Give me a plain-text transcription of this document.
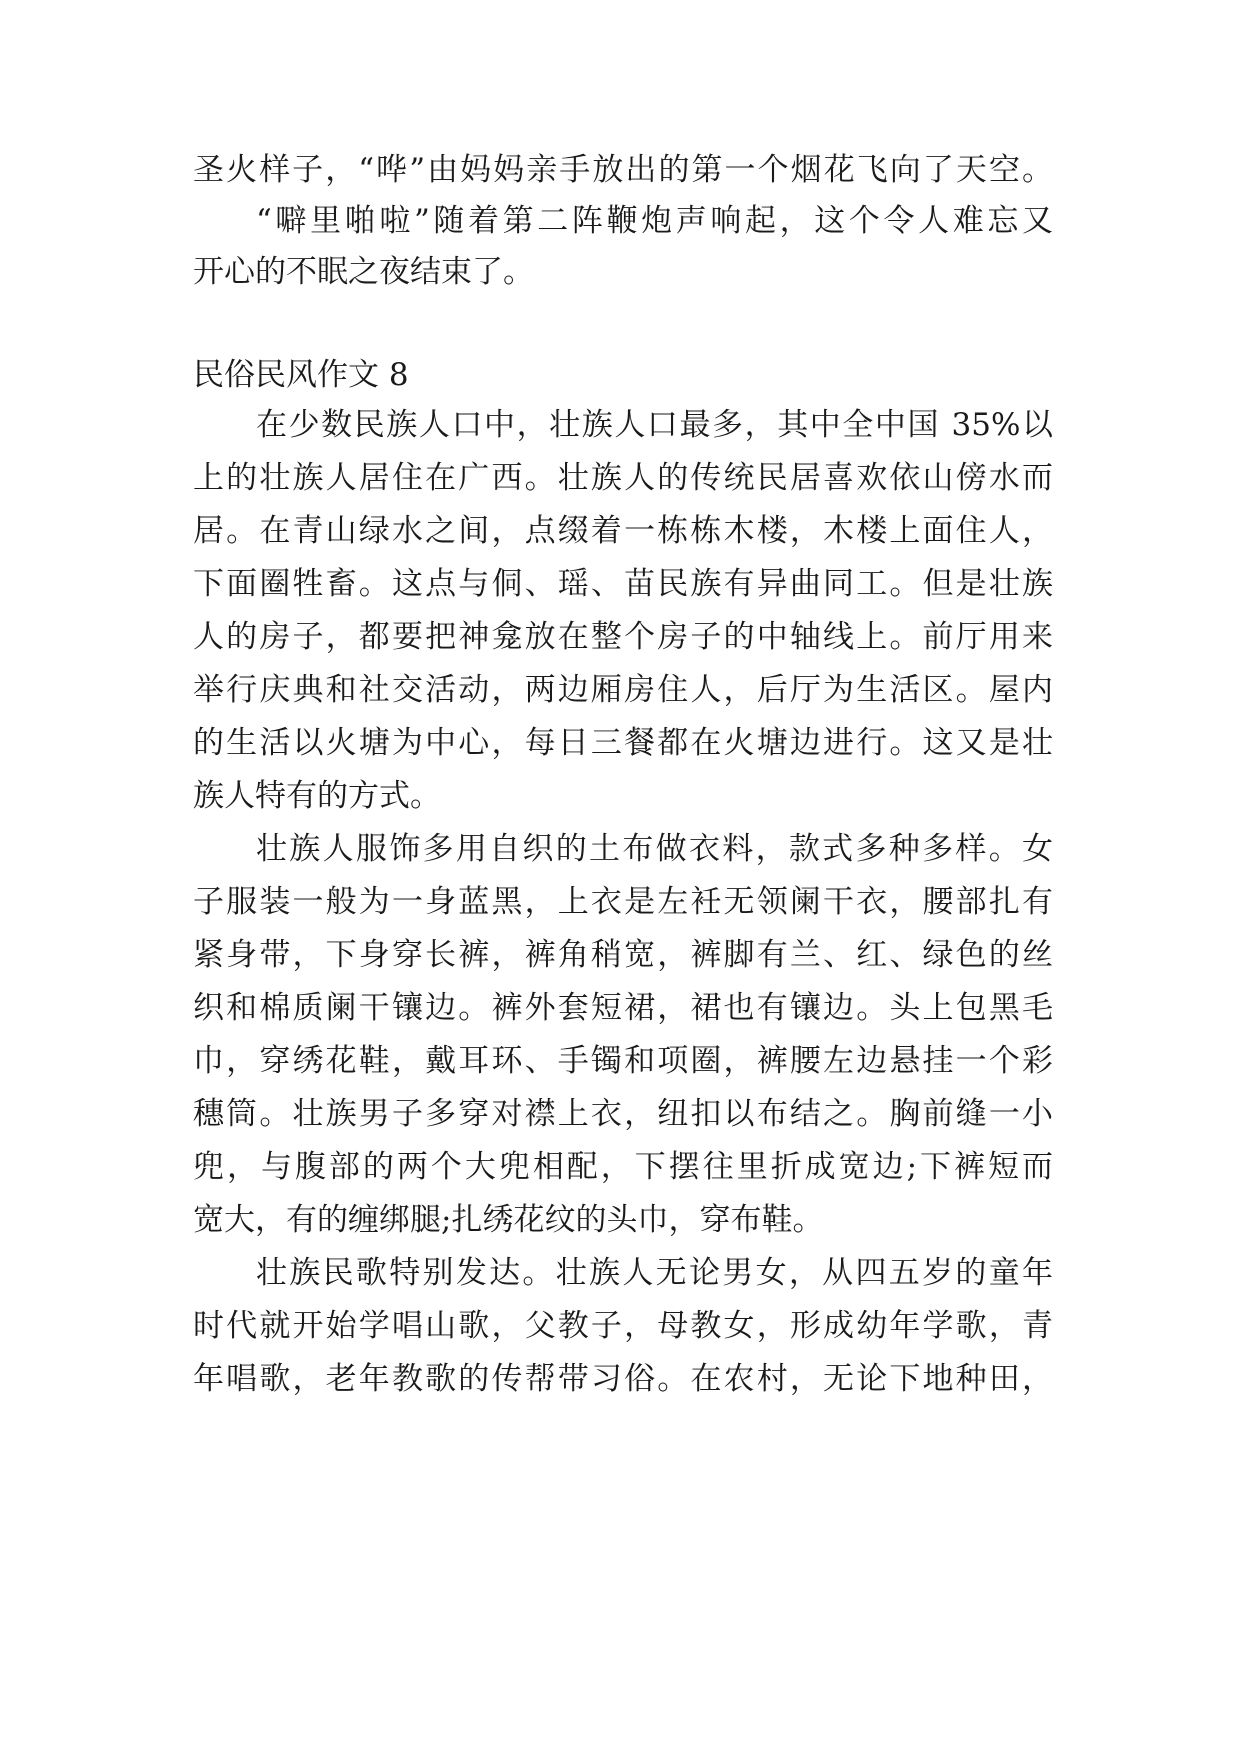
圣火样子，“哗”由妈妈亲手放出的第一个烟花飞向了天空。

“噼里啪啦”随着第二阵鞭炮声响起，这个令人难忘又

开心的不眠之夜结束了。

民俗民风作文 8

在少数民族人口中，壮族人口最多，其中全中国 35%以

上的壮族人居住在广西。壮族人的传统民居喜欢依山傍水而

居。在青山绿水之间，点缀着一栋栋木楼，木楼上面住人，

下面圈牲畜。这点与侗、瑶、苗民族有异曲同工。但是壮族

人的房子，都要把神龛放在整个房子的中轴线上。前厅用来

举行庆典和社交活动，两边厢房住人，后厅为生活区。屋内

的生活以火塘为中心，每日三餐都在火塘边进行。这又是壮

族人特有的方式。

壮族人服饰多用自织的土布做衣料，款式多种多样。女

子服装一般为一身蓝黑，上衣是左衽无领阑干衣，腰部扎有

紧身带，下身穿长裤，裤角稍宽，裤脚有兰、红、绿色的丝

织和棉质阑干镶边。裤外套短裙，裙也有镶边。头上包黑毛

巾，穿绣花鞋，戴耳环、手镯和项圈，裤腰左边悬挂一个彩

穗筒。壮族男子多穿对襟上衣，纽扣以布结之。胸前缝一小

兜，与腹部的两个大兜相配，下摆往里折成宽边;下裤短而

宽大，有的缠绑腿;扎绣花纹的头巾，穿布鞋。

壮族民歌特别发达。壮族人无论男女，从四五岁的童年

时代就开始学唱山歌，父教子，母教女，形成幼年学歌，青

年唱歌，老年教歌的传帮带习俗。在农村，无论下地种田，
